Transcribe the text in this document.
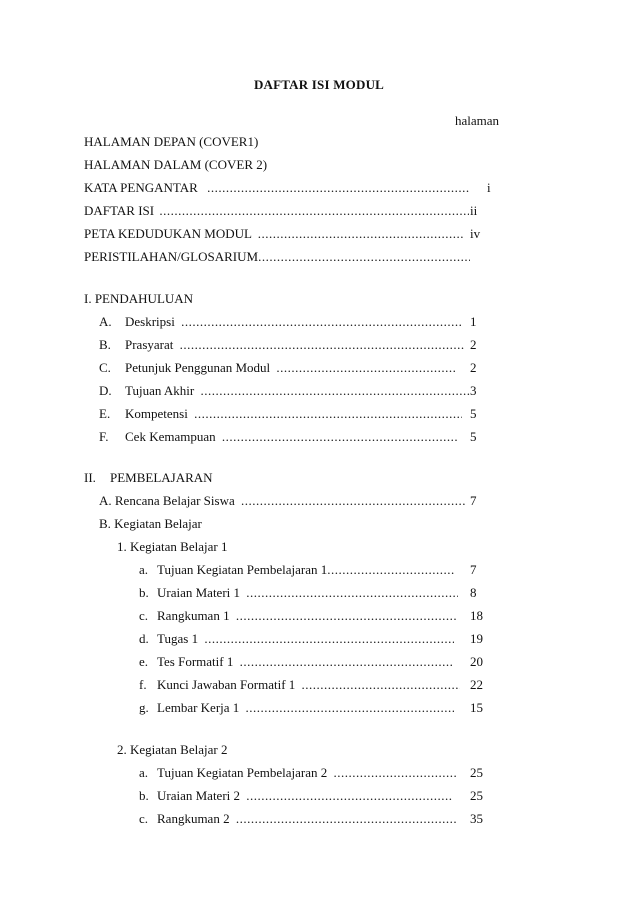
DAFTAR ISI MODUL
halaman
HALAMAN DEPAN (COVER1)
HALAMAN DALAM (COVER 2)
KATA PENGANTAR .....	i
DAFTAR ISI .....	ii
PETA KEDUDUKAN MODUL .....	iv
PERISTILAHAN/GLOSARIUM.....
I. PENDAHULUAN
A. Deskripsi .....	1
B. Prasyarat .....	2
C. Petunjuk Penggunan Modul .....	2
D. Tujuan Akhir .....	3
E. Kompetensi .....	5
F. Cek Kemampuan .....	5
II. PEMBELAJARAN
A. Rencana Belajar Siswa .....	7
B. Kegiatan Belajar
1. Kegiatan Belajar 1
a. Tujuan Kegiatan Pembelajaran 1 .....	7
b. Uraian Materi 1 .....	8
c. Rangkuman 1 .....	18
d. Tugas 1 .....	19
e. Tes Formatif 1 .....	20
f. Kunci Jawaban Formatif 1 .....	22
g. Lembar Kerja 1 .....	15
2. Kegiatan Belajar 2
a. Tujuan Kegiatan Pembelajaran 2 .....	25
b. Uraian Materi 2 .....	25
c. Rangkuman 2 .....	35
